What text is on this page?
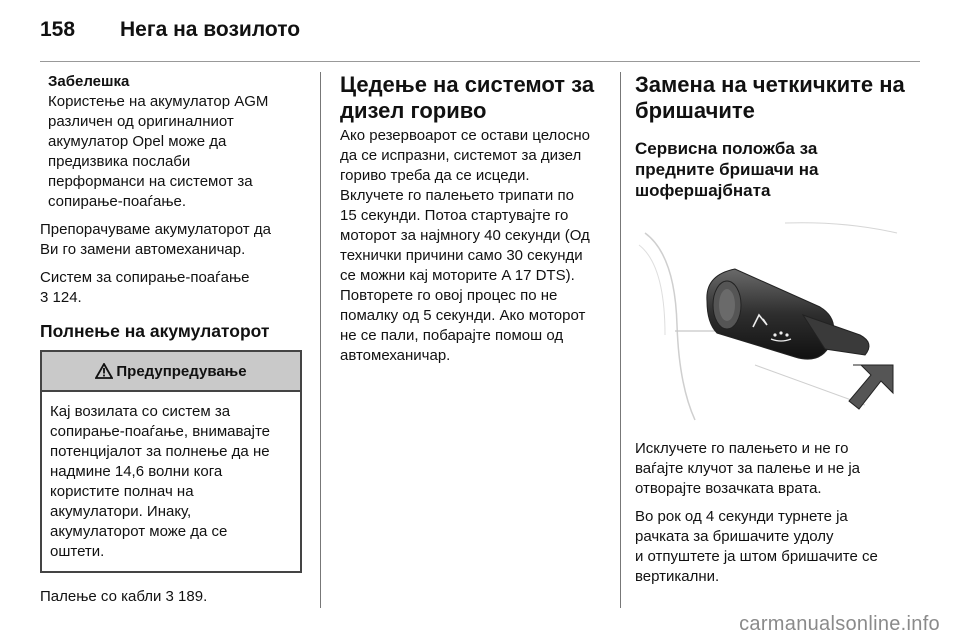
158 Нега на возилото
Забелешка

Користење на акумулатор AGM

различен од оригиналниот

акумулатор Opel може да

предизвика послаби

перформанси на системот за

сопирање-поаѓање.

Препорачуваме акумулаторот да

Ви го замени автомеханичар.

Систем за сопирање-поаѓање

3 124.

Полнење на акумулаторот
Предупредување

Кај возилата со систем за

сопирање-поаѓање, внимавајте

потенцијалот за полнење да не

надмине 14,6 волни кога

користите полнач на

акумулатори. Инаку,

акумулаторот може да се

оштети.

Палење со кабли 3 189.

Цедење на системот за
дизел гориво

Ако резервоарот се остави целосно

да се испразни, системот за дизел

гориво треба да се исцеди.

Вклучете го палењето трипати по

15 секунди. Потоа стартувајте го

моторот за најмногу 40 секунди (Од

технички причини само 30 секунди

се можни кај моторите A 17 DTS).

Повторете го овој процес по не

помалку од 5 секунди. Ако моторот

не се пали, побарајте помош од

автомеханичар.

Замена на четкичките на
бришачите
Сервисна положба за
предните бришачи на
шофершајбната

Исклучете го палењето и не го

ваѓајте клучот за палење и не ја

отворајте возачката врата.

Во рок од 4 секунди турнете ја

рачката за бришачите удолу

и отпуштете ја штом бришачите се

вертикални.

carmanualsonline.info
